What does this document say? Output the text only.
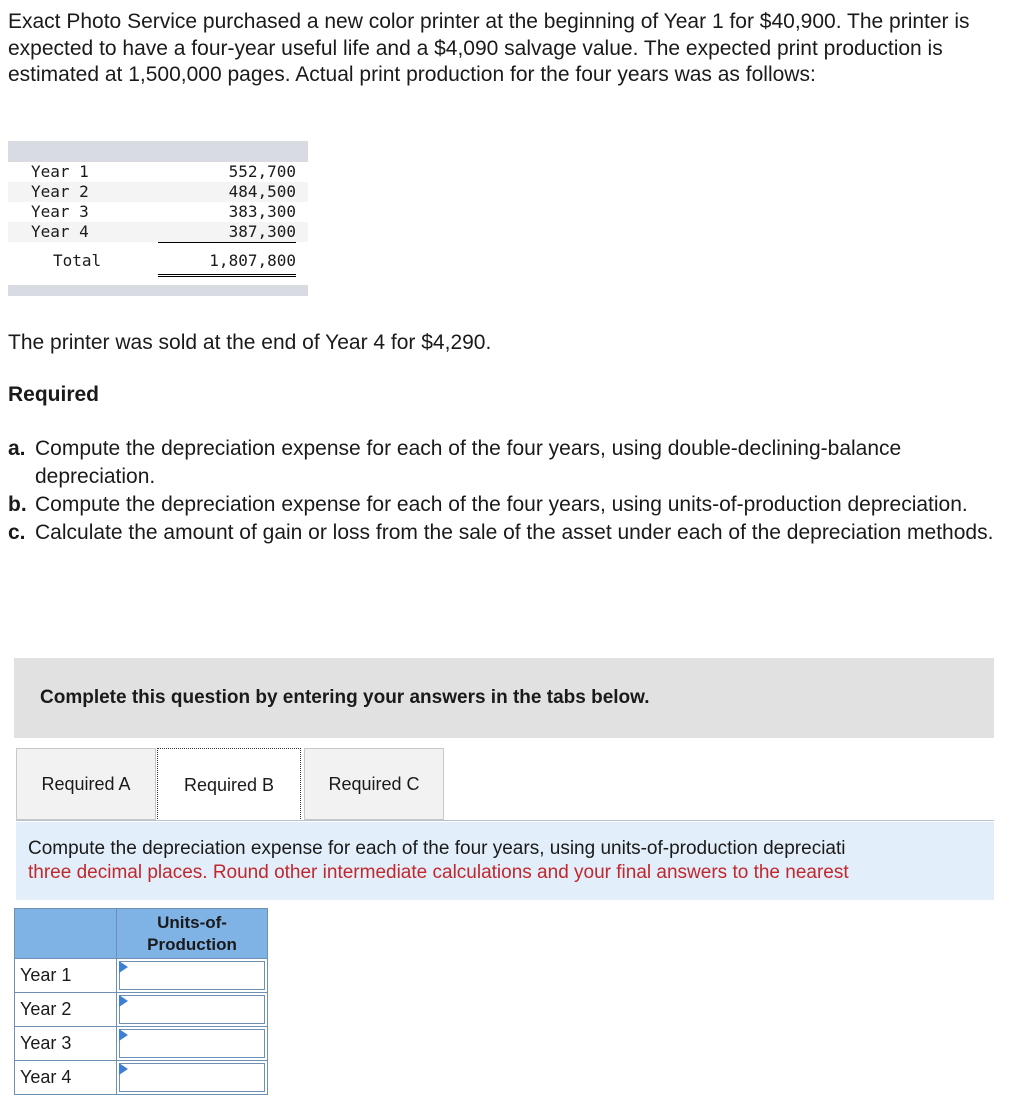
Exact Photo Service purchased a new color printer at the beginning of Year 1 for $40,900. The printer is expected to have a four-year useful life and a $4,090 salvage value. The expected print production is estimated at 1,500,000 pages. Actual print production for the four years was as follows:

Year 1	552,700
Year 2	484,500
Year 3	383,300
Year 4	387,300
Total	1,807,800

The printer was sold at the end of Year 4 for $4,290.

Required

a. Compute the depreciation expense for each of the four years, using double-declining-balance depreciation.
b. Compute the depreciation expense for each of the four years, using units-of-production depreciation.
c. Calculate the amount of gain or loss from the sale of the asset under each of the depreciation methods.
Complete this question by entering your answers in the tabs below.
Required A	Required B	Required C
Compute the depreciation expense for each of the four years, using units-of-production depreciati
three decimal places. Round other intermediate calculations and your final answers to the nearest
Units-of-Production
Year 1
Year 2
Year 3
Year 4
